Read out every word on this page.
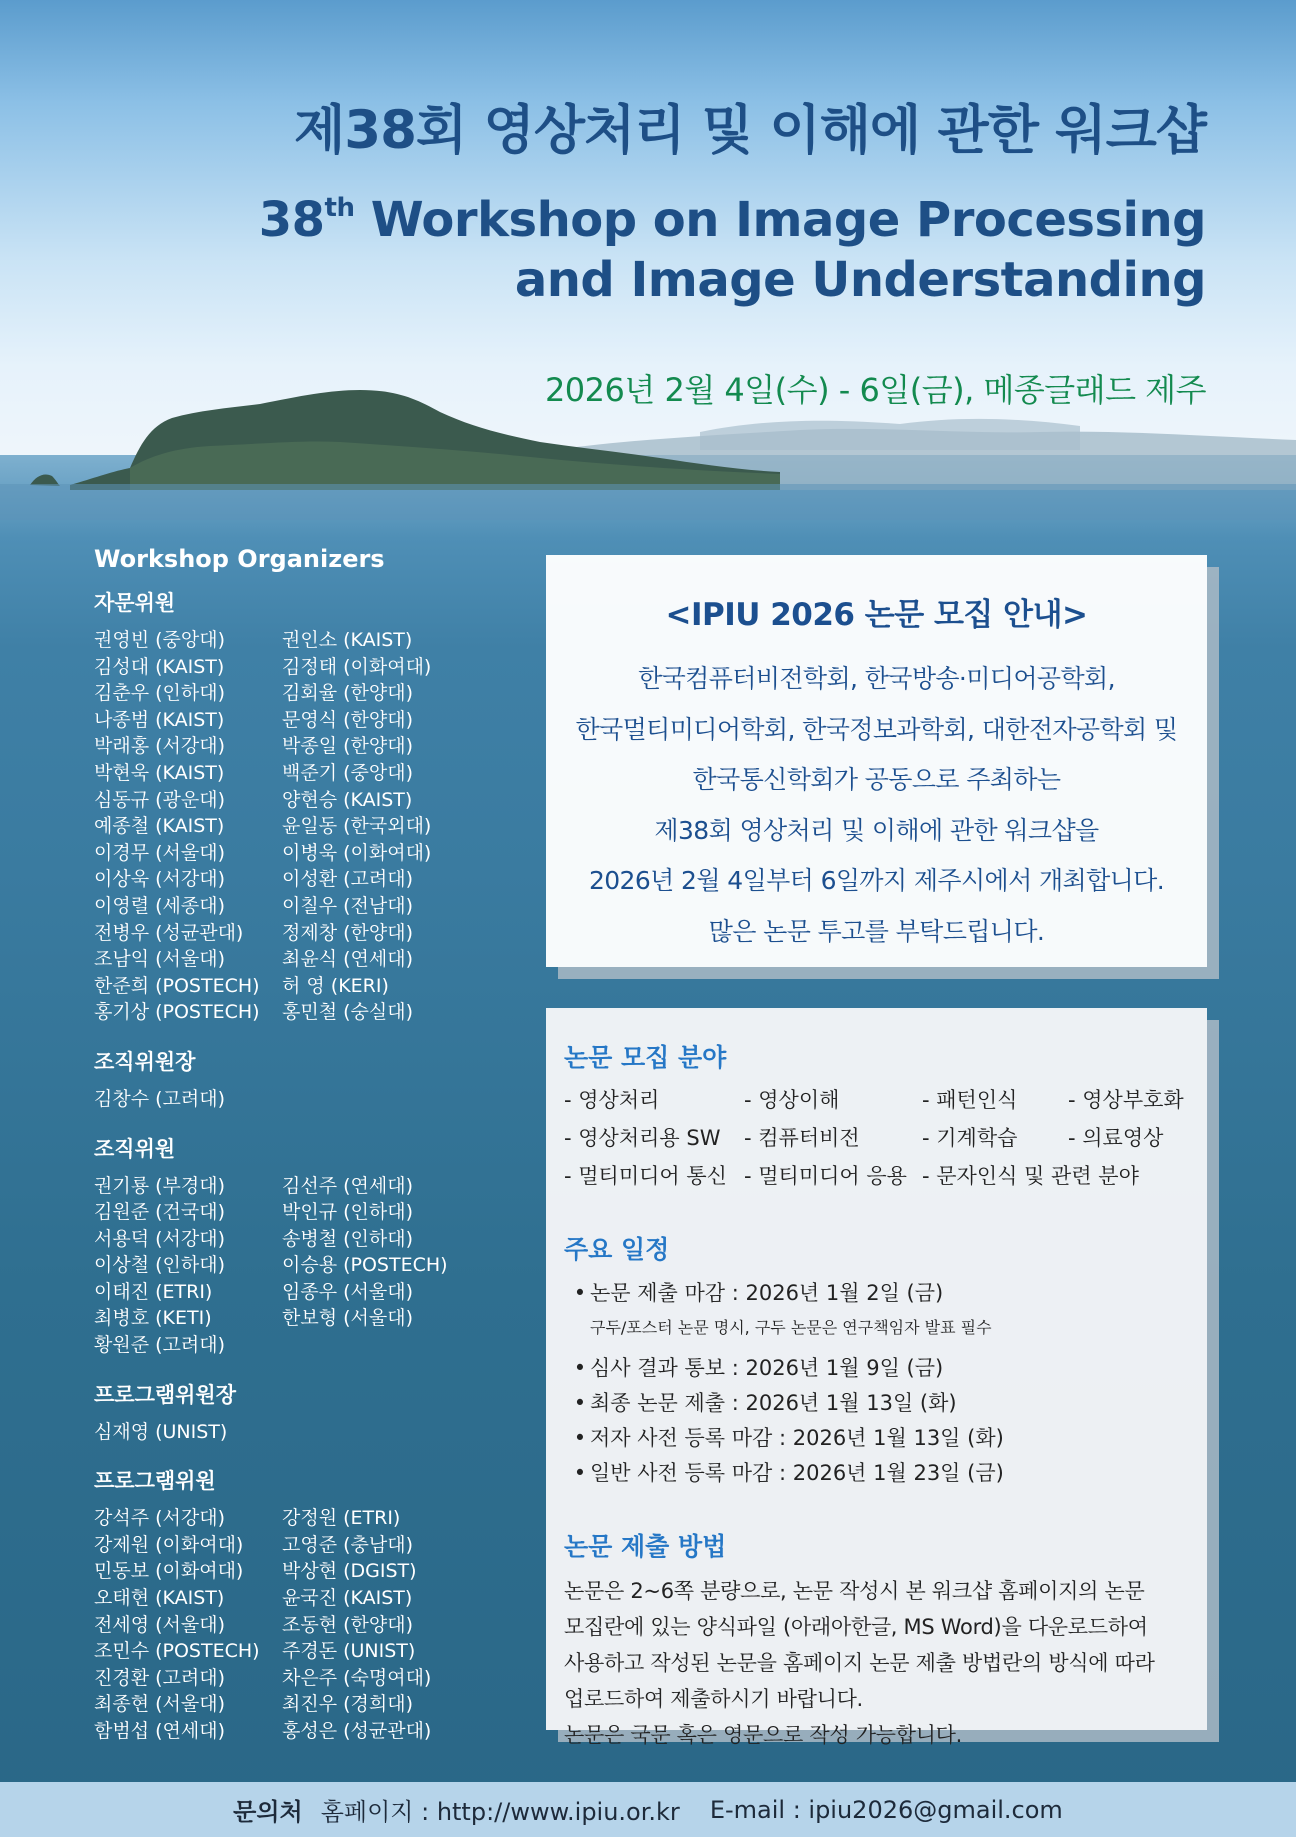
제38회 영상처리 및 이해에 관한 워크샵
38th Workshop on Image Processing
and Image Understanding
2026년 2월 4일(수) - 6일(금), 메종글래드 제주
Workshop Organizers
자문위원
권영빈 (중앙대)	권인소 (KAIST)
김성대 (KAIST)	김정태 (이화여대)
김춘우 (인하대)	김회율 (한양대)
나종범 (KAIST)	문영식 (한양대)
박래홍 (서강대)	박종일 (한양대)
박현욱 (KAIST)	백준기 (중앙대)
심동규 (광운대)	양현승 (KAIST)
예종철 (KAIST)	윤일동 (한국외대)
이경무 (서울대)	이병욱 (이화여대)
이상욱 (서강대)	이성환 (고려대)
이영렬 (세종대)	이칠우 (전남대)
전병우 (성균관대)	정제창 (한양대)
조남익 (서울대)	최윤식 (연세대)
한준희 (POSTECH)	허 영 (KERI)
홍기상 (POSTECH)	홍민철 (숭실대)
조직위원장
김창수 (고려대)
조직위원
권기룡 (부경대)	김선주 (연세대)
김원준 (건국대)	박인규 (인하대)
서용덕 (서강대)	송병철 (인하대)
이상철 (인하대)	이승용 (POSTECH)
이태진 (ETRI)	임종우 (서울대)
최병호 (KETI)	한보형 (서울대)
황원준 (고려대)
프로그램위원장
심재영 (UNIST)
프로그램위원
강석주 (서강대)	강정원 (ETRI)
강제원 (이화여대)	고영준 (충남대)
민동보 (이화여대)	박상현 (DGIST)
오태현 (KAIST)	윤국진 (KAIST)
전세영 (서울대)	조동현 (한양대)
조민수 (POSTECH)	주경돈 (UNIST)
진경환 (고려대)	차은주 (숙명여대)
최종현 (서울대)	최진우 (경희대)
함범섭 (연세대)	홍성은 (성균관대)
<IPIU 2026 논문 모집 안내>
한국컴퓨터비전학회, 한국방송·미디어공학회,
한국멀티미디어학회, 한국정보과학회, 대한전자공학회 및
한국통신학회가 공동으로 주최하는
제38회 영상처리 및 이해에 관한 워크샵을
2026년 2월 4일부터 6일까지 제주시에서 개최합니다.
많은 논문 투고를 부탁드립니다.
논문 모집 분야
- 영상처리	- 영상이해	- 패턴인식	- 영상부호화
- 영상처리용 SW	- 컴퓨터비전	- 기계학습	- 의료영상
- 멀티미디어 통신 - 멀티미디어 응용 - 문자인식 및 관련 분야
주요 일정
• 논문 제출 마감 : 2026년 1월 2일 (금)
구두/포스터 논문 명시, 구두 논문은 연구책임자 발표 필수
• 심사 결과 통보 : 2026년 1월 9일 (금)
• 최종 논문 제출 : 2026년 1월 13일 (화)
• 저자 사전 등록 마감 : 2026년 1월 13일 (화)
• 일반 사전 등록 마감 : 2026년 1월 23일 (금)
논문 제출 방법
논문은 2~6쪽 분량으로, 논문 작성시 본 워크샵 홈페이지의 논문
모집란에 있는 양식파일 (아래아한글, MS Word)을 다운로드하여
사용하고 작성된 논문을 홈페이지 논문 제출 방법란의 방식에 따라
업로드하여 제출하시기 바랍니다.
논문은 국문 혹은 영문으로 작성 가능합니다.
문의처 홈페이지 : http://www.ipiu.or.kr E-mail : ipiu2026@gmail.com
